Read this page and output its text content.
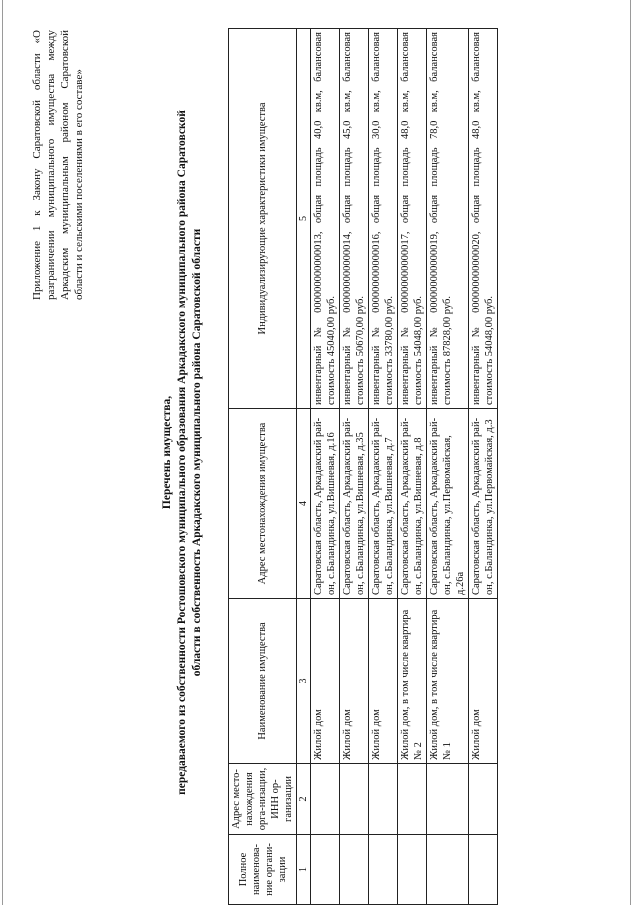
Приложение 1 к Закону Саратовской области «О разграничении муниципального имущества между Аркадским муниципальным районом Саратовской области и сельскими поселениями в его составе»
Перечень имущества, передаваемого из собственности Ростошовского муниципального образования Аркадакского муниципального района Саратовской области в собственность Аркадакского муниципального района Саратовской области
Полное наименова-ние органи-зации	Адрес место-нахождения орга-низации, ИНН ор-ганизации	Наименование имущества	Адрес местонахождения имущества	Индивидуализирующие характеристики имущества
1	2	3	4	5
		Жилой дом	Саратовская область, Аркадакский рай-он, с.Баландинка, ул.Вишневая, д.16	инвентарный № 000000000000013, общая площадь 40,0 кв.м, балансовая стоимость 45040,00 руб.
		Жилой дом	Саратовская область, Аркадакский рай-он, с.Баландинка, ул.Вишневая, д.35	инвентарный № 000000000000014, общая площадь 45,0 кв.м, балансовая стоимость 50670,00 руб.
		Жилой дом	Саратовская область, Аркадакский рай-он, с.Баландинка, ул.Вишневая, д.7	инвентарный № 000000000000016, общая площадь 30,0 кв.м, балансовая стоимость 33780,00 руб.
		Жилой дом, в том числе квартира № 2	Саратовская область, Аркадакский рай-он, с.Баландинка, ул.Вишневая, д.8	инвентарный № 000000000000017, общая площадь 48,0 кв.м, балансовая стоимость 54048,00 руб.
		Жилой дом, в том числе квартира № 1	Саратовская область, Аркадакский рай-он, с.Баландинка, ул.Первомайская, д.26а	инвентарный № 000000000000019, общая площадь 78,0 кв.м, балансовая стоимость 87828,00 руб.
		Жилой дом	Саратовская область, Аркадакский рай-он, с.Баландинка, ул.Первомайская, д.3	инвентарный № 000000000000020, общая площадь 48,0 кв.м, балансовая стоимость 54048,00 руб.
